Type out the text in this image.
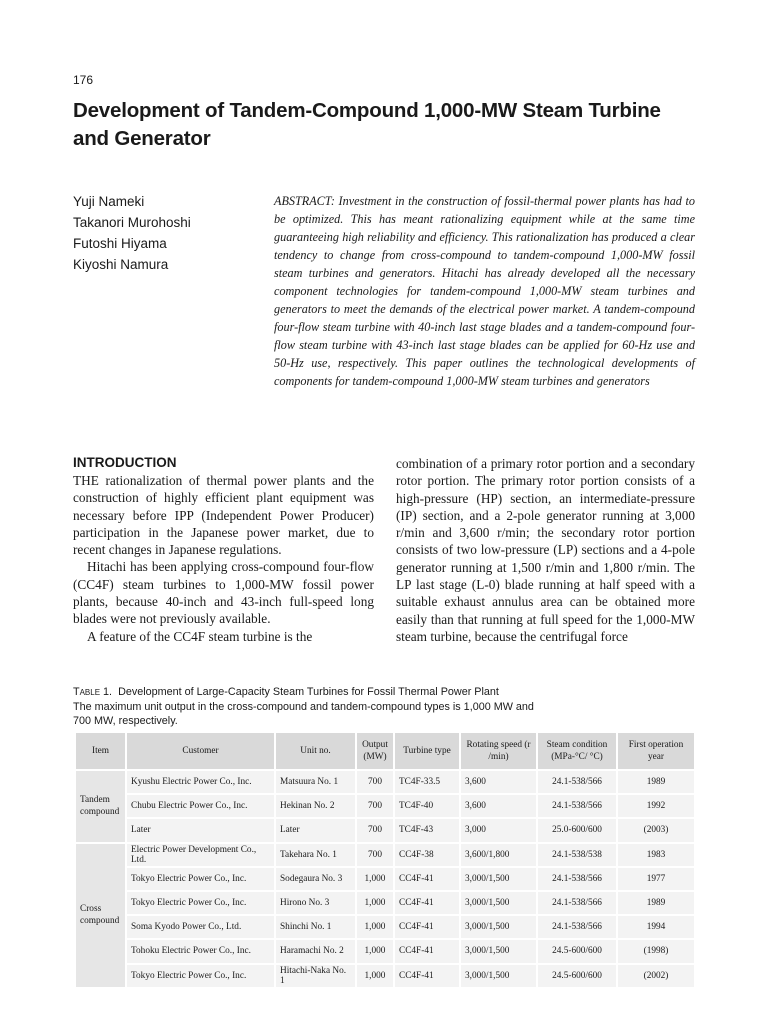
176
Development of Tandem-Compound 1,000-MW Steam Turbine and Generator
Yuji Nameki
Takanori Murohoshi
Futoshi Hiyama
Kiyoshi Namura

ABSTRACT: Investment in the construction of fossil-thermal power plants has had to be optimized. This has meant rationalizing equipment while at the same time guaranteeing high reliability and efficiency. This rationalization has produced a clear tendency to change from cross-compound to tandem-compound 1,000-MW fossil steam turbines and generators. Hitachi has already developed all the necessary component technologies for tandem-compound 1,000-MW steam turbines and generators to meet the demands of the electrical power market. A tandem-compound four-flow steam turbine with 40-inch last stage blades and a tandem-compound four-flow steam turbine with 43-inch last stage blades can be applied for 60-Hz use and 50-Hz use, respectively. This paper outlines the technological developments of components for tandem-compound 1,000-MW steam turbines and generators

INTRODUCTION

THE rationalization of thermal power plants and the construction of highly efficient plant equipment was necessary before IPP (Independent Power Producer) participation in the Japanese power market, due to recent changes in Japanese regulations.

Hitachi has been applying cross-compound four-flow (CC4F) steam turbines to 1,000-MW fossil power plants, because 40-inch and 43-inch full-speed long blades were not previously available.

A feature of the CC4F steam turbine is the

combination of a primary rotor portion and a secondary rotor portion. The primary rotor portion consists of a high-pressure (HP) section, an intermediate-pressure (IP) section, and a 2-pole generator running at 3,000 r/min and 3,600 r/min; the secondary rotor portion consists of two low-pressure (LP) sections and a 4-pole generator running at 1,500 r/min and 1,800 r/min. The LP last stage (L-0) blade running at half speed with a suitable exhaust annulus area can be obtained more easily than that running at full speed for the 1,000-MW steam turbine, because the centrifugal force

Table 1. Development of Large-Capacity Steam Turbines for Fossil Thermal Power Plant
The maximum unit output in the cross-compound and tandem-compound types is 1,000 MW and 700 MW, respectively.
Item	Customer	Unit no.	Output (MW)	Turbine type	Rotating speed (r /min)	Steam condition (MPa-°C/ °C)	First operation year
Tandem compound	Kyushu Electric Power Co., Inc.	Matsuura No. 1	700	TC4F-33.5	3,600	24.1-538/566	1989
	Chubu Electric Power Co., Inc.	Hekinan No. 2	700	TC4F-40	3,600	24.1-538/566	1992
	Later	Later	700	TC4F-43	3,000	25.0-600/600	(2003)
Cross compound	Electric Power Development Co., Ltd.	Takehara No. 1	700	CC4F-38	3,600/1,800	24.1-538/538	1983
	Tokyo Electric Power Co., Inc.	Sodegaura No. 3	1,000	CC4F-41	3,000/1,500	24.1-538/566	1977
	Tokyo Electric Power Co., Inc.	Hirono No. 3	1,000	CC4F-41	3,000/1,500	24.1-538/566	1989
	Soma Kyodo Power Co., Ltd.	Shinchi No. 1	1,000	CC4F-41	3,000/1,500	24.1-538/566	1994
	Tohoku Electric Power Co., Inc.	Haramachi No. 2	1,000	CC4F-41	3,000/1,500	24.5-600/600	(1998)
	Tokyo Electric Power Co., Inc.	Hitachi-Naka No. 1	1,000	CC4F-41	3,000/1,500	24.5-600/600	(2002)
